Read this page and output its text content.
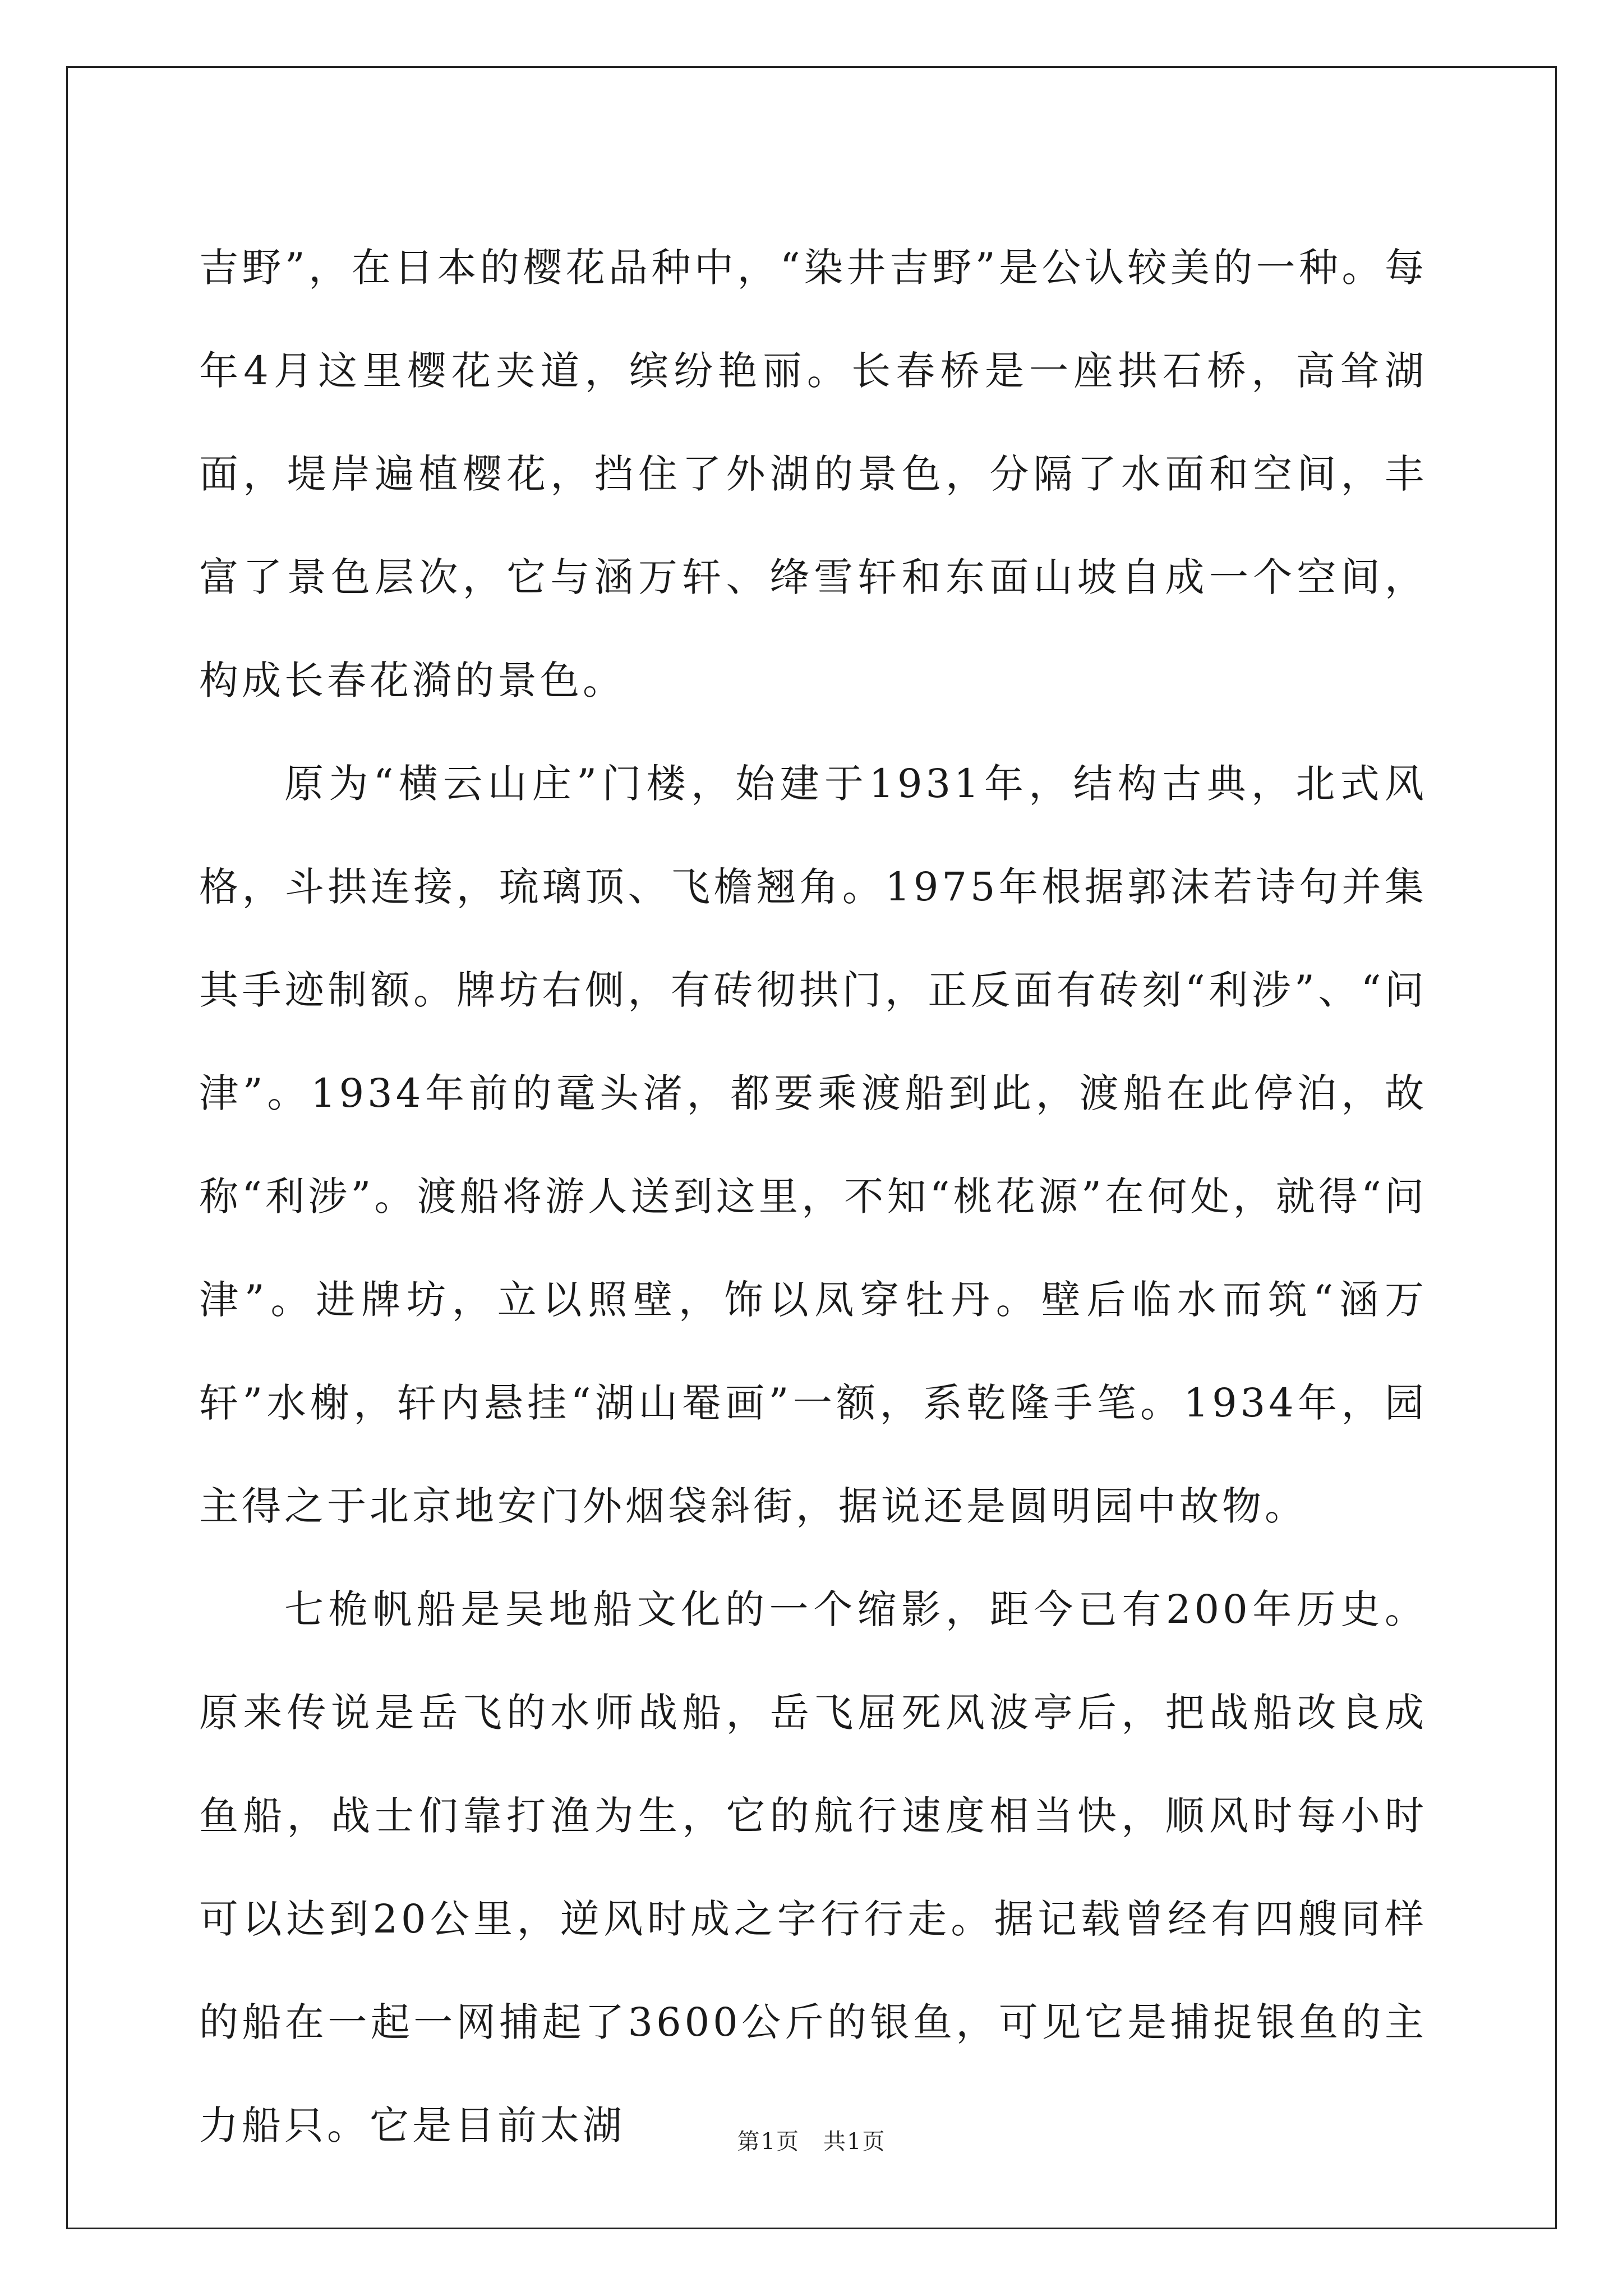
吉野”，在日本的樱花品种中，“染井吉野”是公认较美的一种。每年4月这里樱花夹道，缤纷艳丽。长春桥是一座拱石桥，高耸湖面，堤岸遍植樱花，挡住了外湖的景色，分隔了水面和空间，丰富了景色层次，它与涵万轩、绛雪轩和东面山坡自成一个空间，构成长春花漪的景色。

原为“横云山庄”门楼，始建于1931年，结构古典，北式风格，斗拱连接，琉璃顶、飞檐翘角。1975年根据郭沫若诗句并集其手迹制额。牌坊右侧，有砖彻拱门，正反面有砖刻“利涉”、“问津”。1934年前的鼋头渚，都要乘渡船到此，渡船在此停泊，故称“利涉”。渡船将游人送到这里，不知“桃花源”在何处，就得“问津”。进牌坊，立以照壁，饰以凤穿牡丹。壁后临水而筑“涵万轩”水榭，轩内悬挂“湖山罨画”一额，系乾隆手笔。1934年，园主得之于北京地安门外烟袋斜街，据说还是圆明园中故物。

七桅帆船是吴地船文化的一个缩影，距今已有200年历史。原来传说是岳飞的水师战船，岳飞屈死风波亭后，把战船改良成鱼船，战士们靠打渔为生，它的航行速度相当快，顺风时每小时可以达到20公里，逆风时成之字行行走。据记载曾经有四艘同样的船在一起一网捕起了3600公斤的银鱼，可见它是捕捉银鱼的主力船只。它是目前太湖	第1页　共1页
